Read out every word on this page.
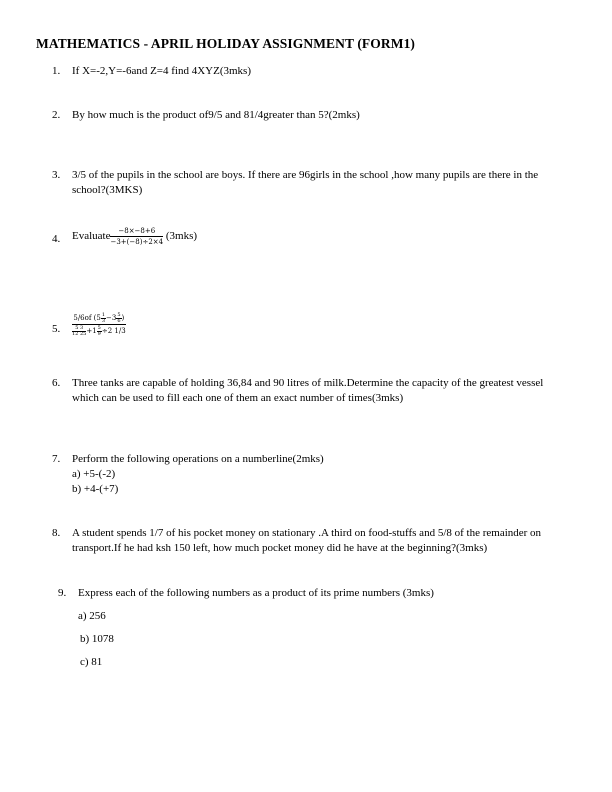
MATHEMATICS - APRIL HOLIDAY ASSIGNMENT (FORM1)
1.	If X=-2,Y=-6and Z=4 find 4XYZ(3mks)
2.	By how much is the product of9/5 and 81/4greater than 5?(2mks)
3.	3/5 of the pupils in the school are boys. If there are 96girls in the school ,how many pupils are there in the school?(3MKS)
4.	Evaluate $\frac{-8\times-8+6}{-3+(-8)\div 2\times 4} (3mks)$
5.	$\frac{5/6of (5 \frac{1}{3} -3 \frac{5}{6} )}{\frac{5 3}{12 25} +1 \frac{5}{9} \div 2 1/3}$
6.	Three tanks are capable of holding 36,84 and 90 litres of milk.Determine the capacity of the greatest vessel which can be used to fill each one of them an exact number of times(3mks)
7.	Perform the following operations on a numberline(2mks)
a) +5-(-2)
b) +4-(+7)
8.	A student spends 1/7 of his pocket money on stationary .A third on food-stuffs and 5/8 of the remainder on transport.If he had ksh 150 left, how much pocket money did he have at the beginning?(3mks)
9.	Express each of the following numbers as a product of its prime numbers (3mks)
a) 256
b) 1078
c) 81
